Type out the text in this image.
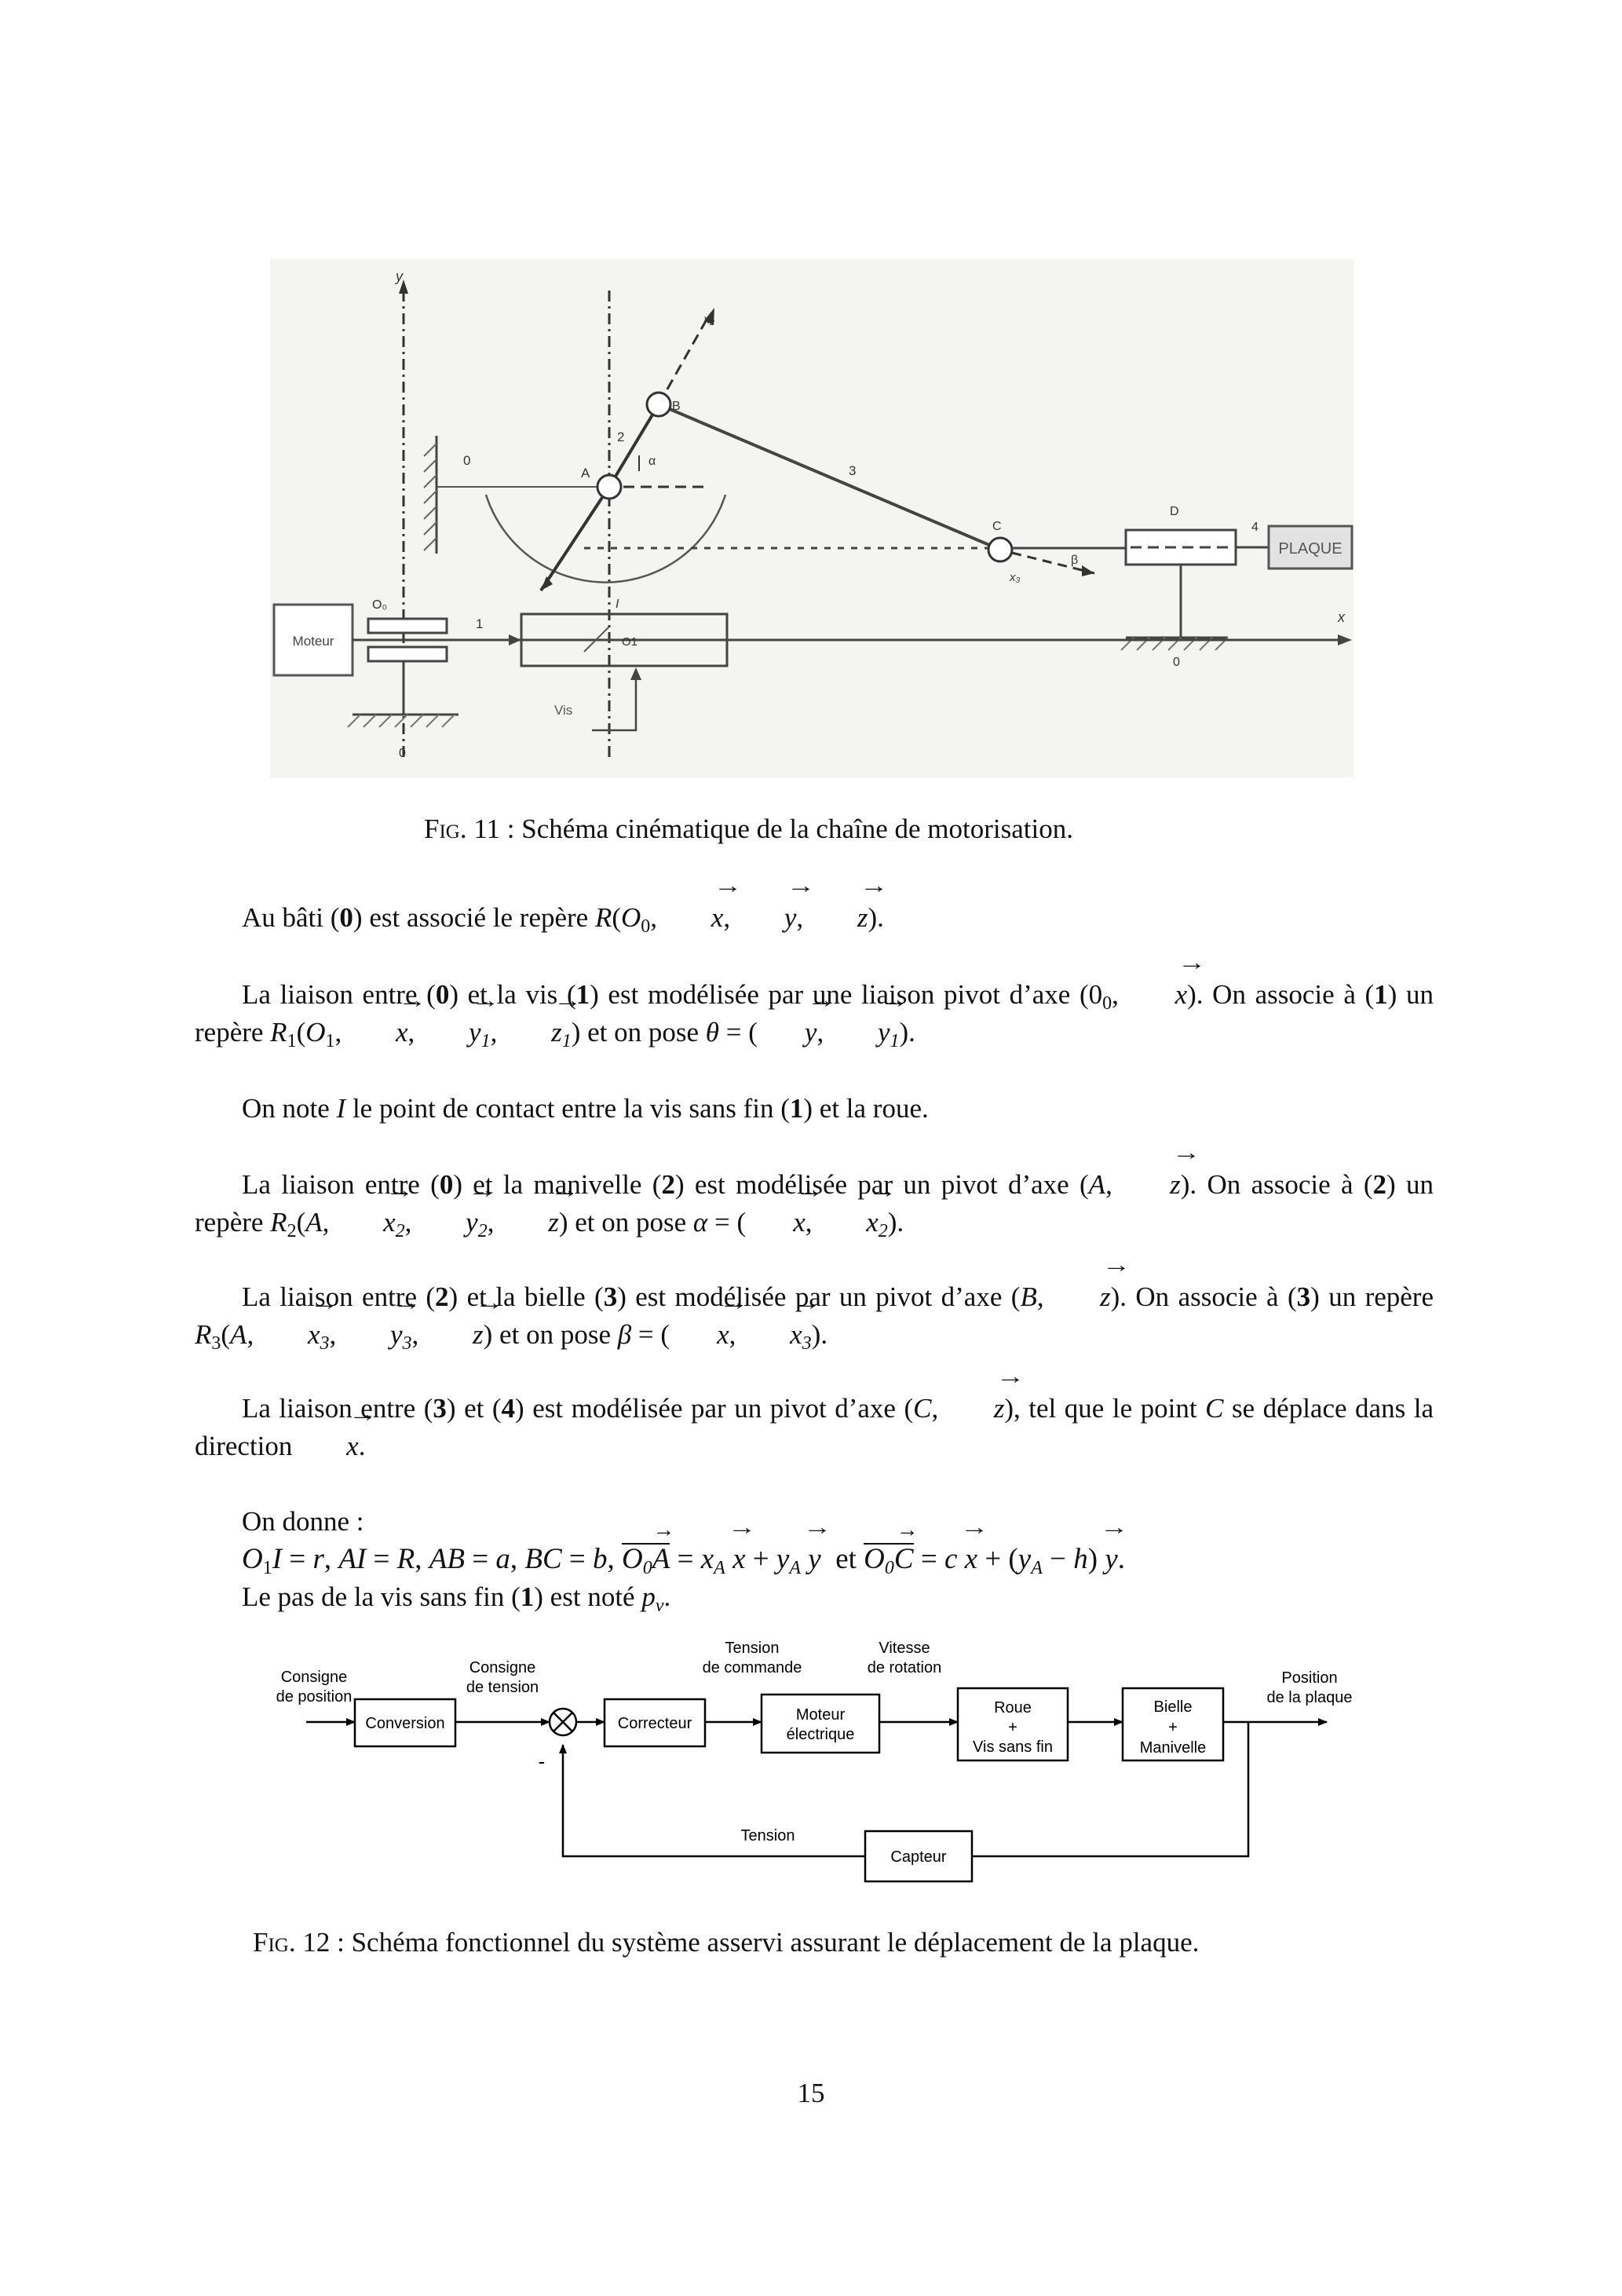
y
0
x₂
α
A
2
B
3
C
x₃
β
D
4
PLAQUE
0
x
Moteur
O₀
0
1
I
O1
Vis
Fig. 11 : Schéma cinématique de la chaîne de motorisation.
Au bâti (0) est associé le repère $R(O_0$, → x, → y, → z).
La liaison entre (0) et la vis (1) est modélisée par une liaison pivot d’axe ($0_0$, → x). On associe à (1) un repère $R_1(O_1$, → x, → $y_1$, → $z_1$) et on pose θ = ( → y, → $y_1$).
On note I le point de contact entre la vis sans fin (1) et la roue.
La liaison entre (0) et la manivelle (2) est modélisée par un pivot d’axe (A, → z). On associe à (2) un repère $R_2(A$, → $x_2$, → $y_2$, → z) et on pose α = ( → x, → $x_2$).
La liaison entre (2) et la bielle (3) est modélisée par un pivot d’axe (B, → z). On associe à (3) un repère $R_3(A$, → $x_3$, → $y_3$, → z) et on pose β = ( → x, → $x_3$).
La liaison entre (3) et (4) est modélisée par un pivot d’axe (C, → z), tel que le point C se déplace dans la direction → x.
On donne :
$O_1I = r$, AI = R, AB = a, BC = b, $O_0A$ → = $x_A \to x + y_A \to y$  et $O_0C$ → = $c \to x + (y_A - h) \to y$.
Le pas de la vis sans fin (1) est noté $p_v$.
Consigne
de position
Conversion
Consigne
de tension
-
Correcteur
Tension
de commande
Moteur
électrique
Vitesse
de rotation
Roue
+
Vis sans fin
Bielle
+
Manivelle
Position
de la plaque
Capteur
Tension
Fig. 12 : Schéma fonctionnel du système asservi assurant le déplacement de la plaque.
15
